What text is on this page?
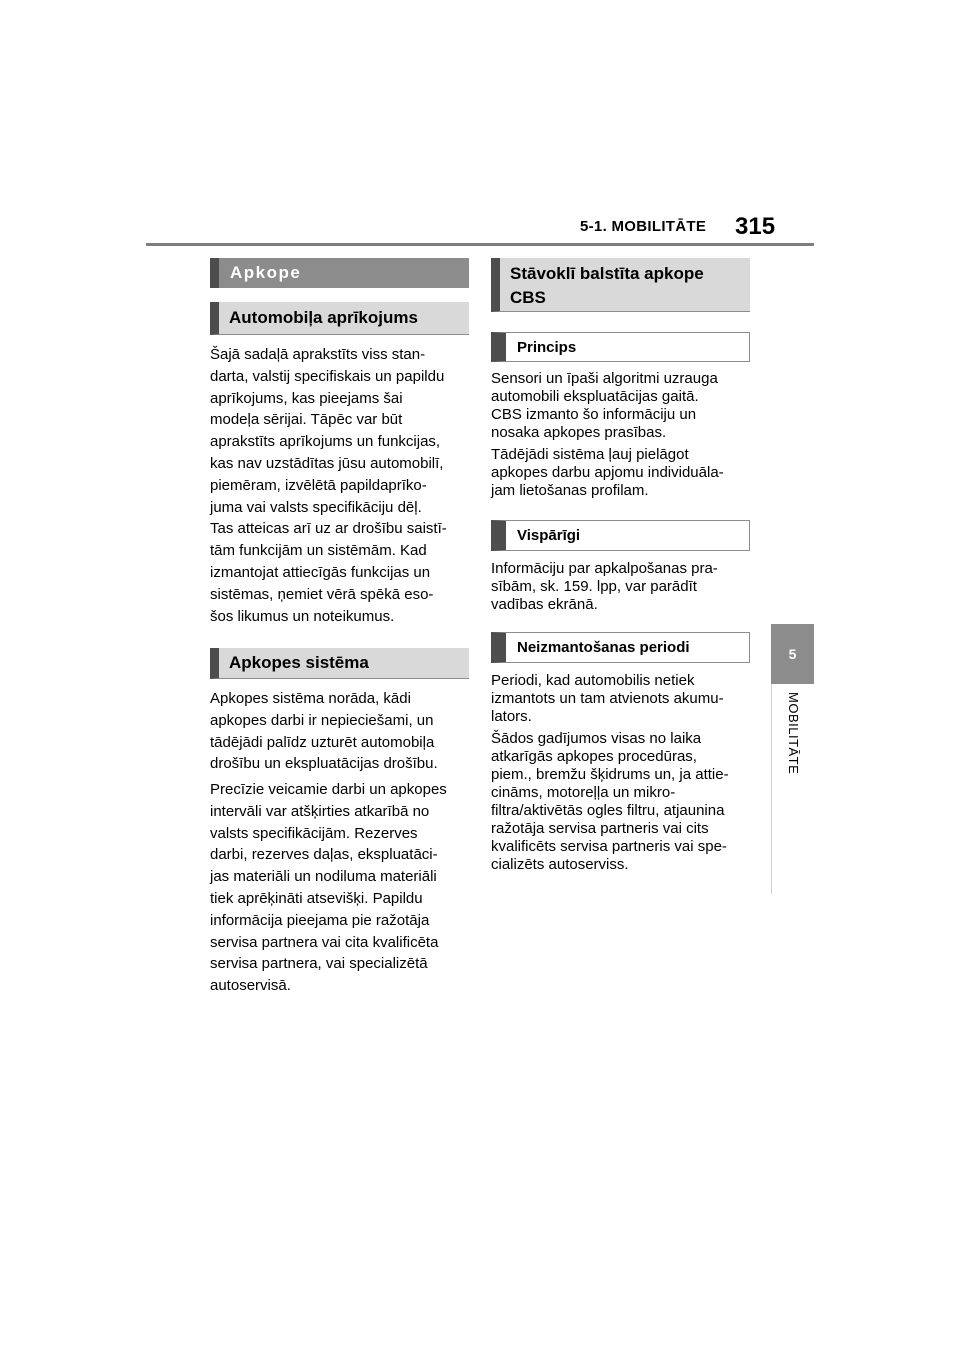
5-1. MOBILITĀTE 315
5
MOBILITĀTE
Apkope
Automobiļa aprīkojums
Šajā sadaļā aprakstīts viss stan-
darta, valstij specifiskais un papildu
aprīkojums, kas pieejams šai
modeļa sērijai. Tāpēc var būt
aprakstīts aprīkojums un funkcijas,
kas nav uzstādītas jūsu automobilī,
piemēram, izvēlētā papildaprīko-
juma vai valsts specifikāciju dēļ.
Tas atteicas arī uz ar drošību saistī-
tām funkcijām un sistēmām. Kad
izmantojat attiecīgās funkcijas un
sistēmas, ņemiet vērā spēkā eso-
šos likumus un noteikumus.
Apkopes sistēma
Apkopes sistēma norāda, kādi
apkopes darbi ir nepieciešami, un
tādējādi palīdz uzturēt automobiļa
drošību un ekspluatācijas drošību.
Precīzie veicamie darbi un apkopes
intervāli var atšķirties atkarībā no
valsts specifikācijām. Rezerves
darbi, rezerves daļas, ekspluatāci-
jas materiāli un nodiluma materiāli
tiek aprēķināti atsevišķi. Papildu
informācija pieejama pie ražotāja
servisa partnera vai cita kvalificēta
servisa partnera, vai specializētā
autoservisā.
Stāvoklī balstīta apkope
CBS
Princips
Sensori un īpaši algoritmi uzrauga
automobili ekspluatācijas gaitā.
CBS izmanto šo informāciju un
nosaka apkopes prasības.
Tādējādi sistēma ļauj pielāgot
apkopes darbu apjomu individuāla-
jam lietošanas profilam.
Vispārīgi
Informāciju par apkalpošanas pra-
sībām, sk. 159. lpp, var parādīt
vadības ekrānā.
Neizmantošanas periodi
Periodi, kad automobilis netiek
izmantots un tam atvienots akumu-
lators.
Šādos gadījumos visas no laika
atkarīgās apkopes procedūras,
piem., bremžu šķidrums un, ja attie-
cināms, motoreļļa un mikro-
filtra/aktivētās ogles filtru, atjaunina
ražotāja servisa partneris vai cits
kvalificēts servisa partneris vai spe-
cializēts autoserviss.
